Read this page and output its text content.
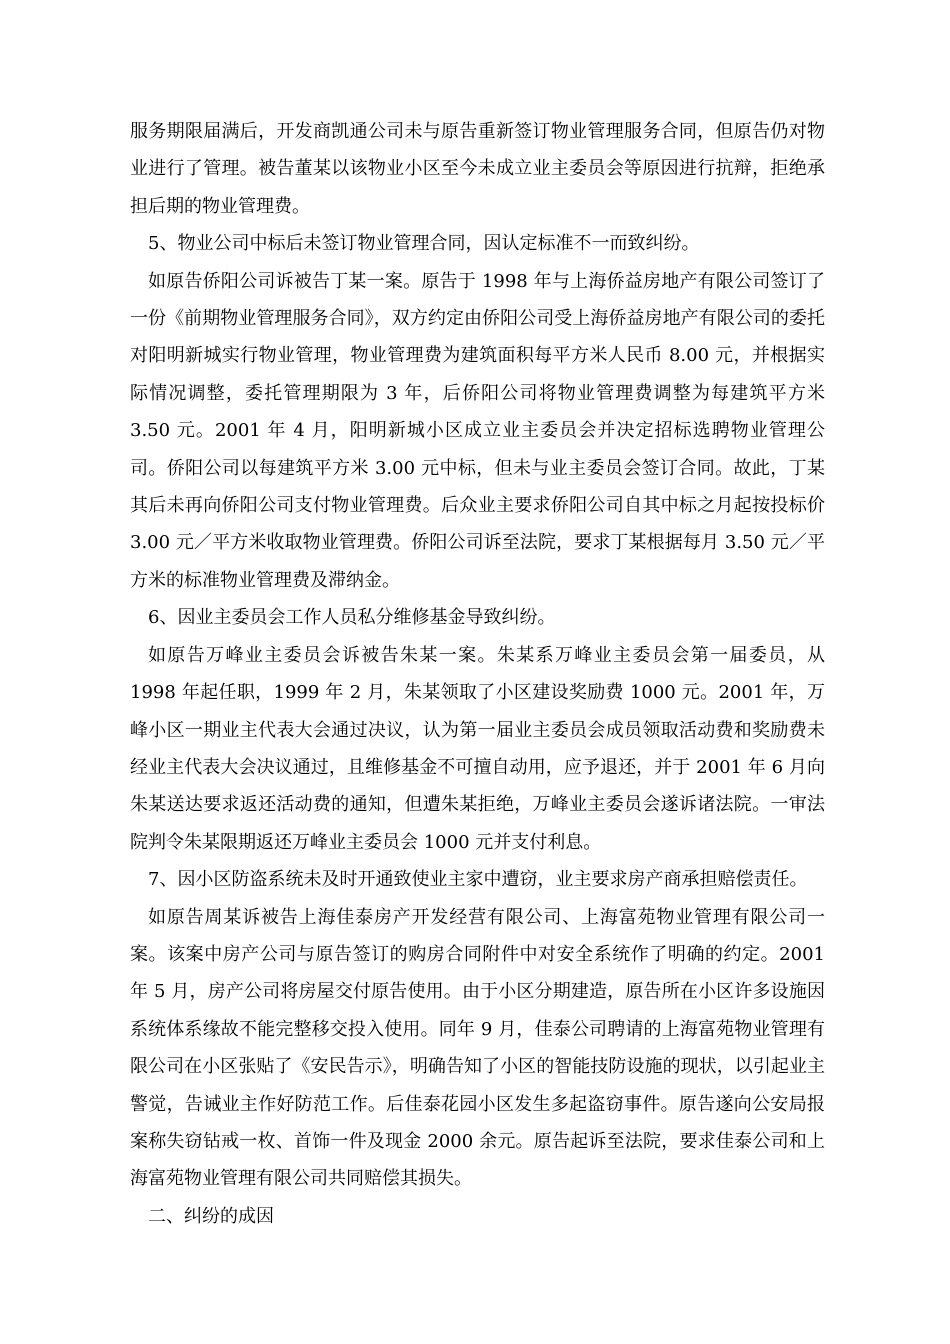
服务期限届满后，开发商凯通公司未与原告重新签订物业管理服务合同，但原告仍对物业进行了管理。被告董某以该物业小区至今未成立业主委员会等原因进行抗辩，拒绝承担后期的物业管理费。

5、物业公司中标后未签订物业管理合同，因认定标准不一而致纠纷。

如原告侨阳公司诉被告丁某一案。原告于 1998 年与上海侨益房地产有限公司签订了一份《前期物业管理服务合同》，双方约定由侨阳公司受上海侨益房地产有限公司的委托对阳明新城实行物业管理，物业管理费为建筑面积每平方米人民币 8.00 元，并根据实际情况调整，委托管理期限为 3 年，后侨阳公司将物业管理费调整为每建筑平方米 3.50 元。2001 年 4 月，阳明新城小区成立业主委员会并决定招标选聘物业管理公司。侨阳公司以每建筑平方米 3.00 元中标，但未与业主委员会签订合同。故此，丁某其后未再向侨阳公司支付物业管理费。后众业主要求侨阳公司自其中标之月起按投标价 3.00 元／平方米收取物业管理费。侨阳公司诉至法院，要求丁某根据每月 3.50 元／平方米的标准物业管理费及滞纳金。

6、因业主委员会工作人员私分维修基金导致纠纷。

如原告万峰业主委员会诉被告朱某一案。朱某系万峰业主委员会第一届委员，从 1998 年起任职，1999 年 2 月，朱某领取了小区建设奖励费 1000 元。2001 年，万峰小区一期业主代表大会通过决议，认为第一届业主委员会成员领取活动费和奖励费未经业主代表大会决议通过，且维修基金不可擅自动用，应予退还，并于 2001 年 6 月向朱某送达要求返还活动费的通知，但遭朱某拒绝，万峰业主委员会遂诉诸法院。一审法院判令朱某限期返还万峰业主委员会 1000 元并支付利息。

7、因小区防盗系统未及时开通致使业主家中遭窃，业主要求房产商承担赔偿责任。

如原告周某诉被告上海佳泰房产开发经营有限公司、上海富苑物业管理有限公司一案。该案中房产公司与原告签订的购房合同附件中对安全系统作了明确的约定。2001 年 5 月，房产公司将房屋交付原告使用。由于小区分期建造，原告所在小区许多设施因系统体系缘故不能完整移交投入使用。同年 9 月，佳泰公司聘请的上海富苑物业管理有限公司在小区张贴了《安民告示》，明确告知了小区的智能技防设施的现状，以引起业主警觉，告诫业主作好防范工作。后佳泰花园小区发生多起盗窃事件。原告遂向公安局报案称失窃钻戒一枚、首饰一件及现金 2000 余元。原告起诉至法院，要求佳泰公司和上海富苑物业管理有限公司共同赔偿其损失。

二、纠纷的成因
